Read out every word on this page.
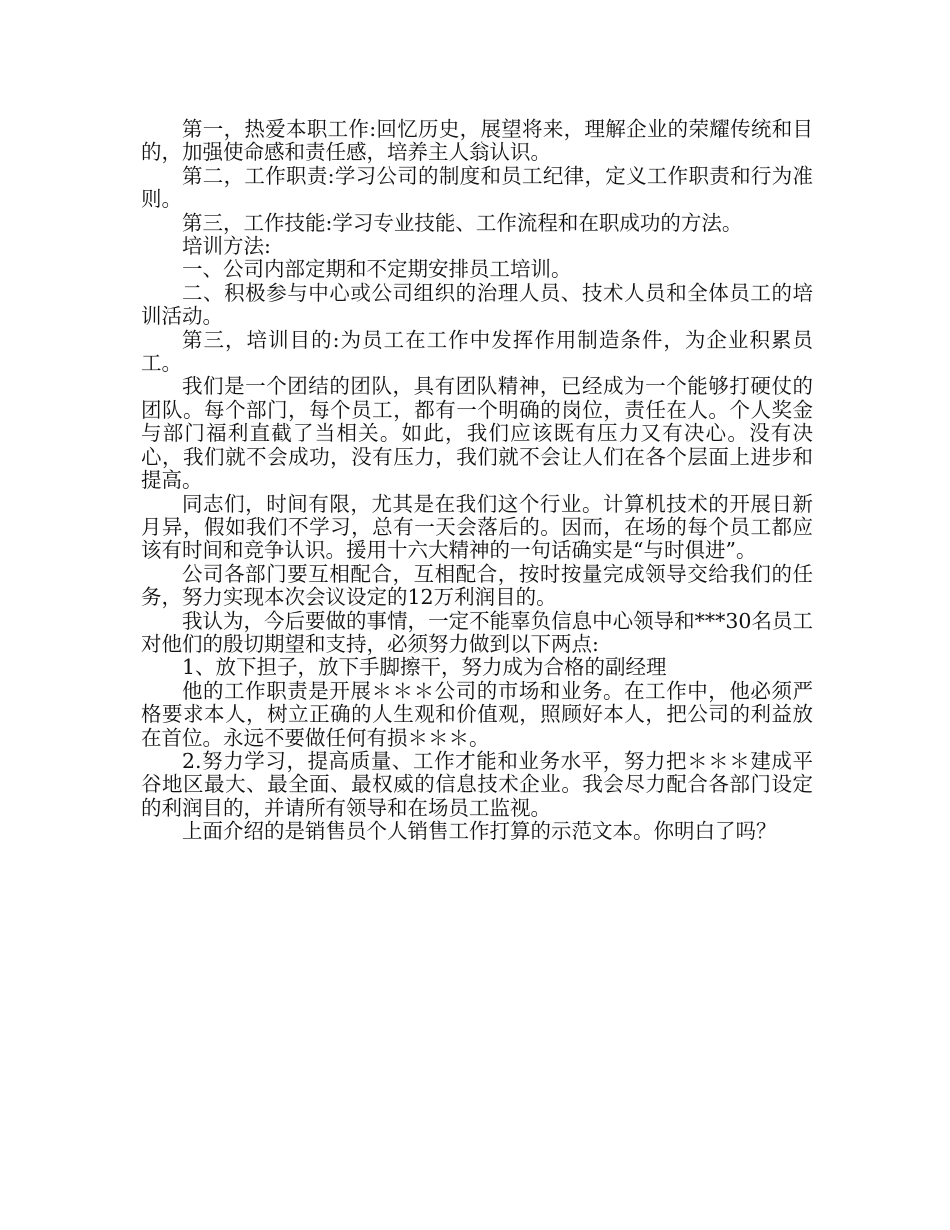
第一，热爱本职工作:回忆历史，展望将来，理解企业的荣耀传统和目的，加强使命感和责任感，培养主人翁认识。

第二，工作职责:学习公司的制度和员工纪律，定义工作职责和行为准则。

第三，工作技能:学习专业技能、工作流程和在职成功的方法。

培训方法:

一、公司内部定期和不定期安排员工培训。

二、积极参与中心或公司组织的治理人员、技术人员和全体员工的培训活动。

第三，培训目的:为员工在工作中发挥作用制造条件，为企业积累员工。

我们是一个团结的团队，具有团队精神，已经成为一个能够打硬仗的团队。每个部门，每个员工，都有一个明确的岗位，责任在人。个人奖金与部门福利直截了当相关。如此，我们应该既有压力又有决心。没有决心，我们就不会成功，没有压力，我们就不会让人们在各个层面上进步和提高。

同志们，时间有限，尤其是在我们这个行业。计算机技术的开展日新月异，假如我们不学习，总有一天会落后的。因而，在场的每个员工都应该有时间和竞争认识。援用十六大精神的一句话确实是“与时俱进”。

公司各部门要互相配合，互相配合，按时按量完成领导交给我们的任务，努力实现本次会议设定的12万利润目的。

我认为，今后要做的事情，一定不能辜负信息中心领导和***30名员工对他们的殷切期望和支持，必须努力做到以下两点:

1、放下担子，放下手脚擦干，努力成为合格的副经理

他的工作职责是开展＊＊＊公司的市场和业务。在工作中，他必须严格要求本人，树立正确的人生观和价值观，照顾好本人，把公司的利益放在首位。永远不要做任何有损＊＊＊。

2.努力学习，提高质量、工作才能和业务水平，努力把＊＊＊建成平谷地区最大、最全面、最权威的信息技术企业。我会尽力配合各部门设定的利润目的，并请所有领导和在场员工监视。

上面介绍的是销售员个人销售工作打算的示范文本。你明白了吗？
